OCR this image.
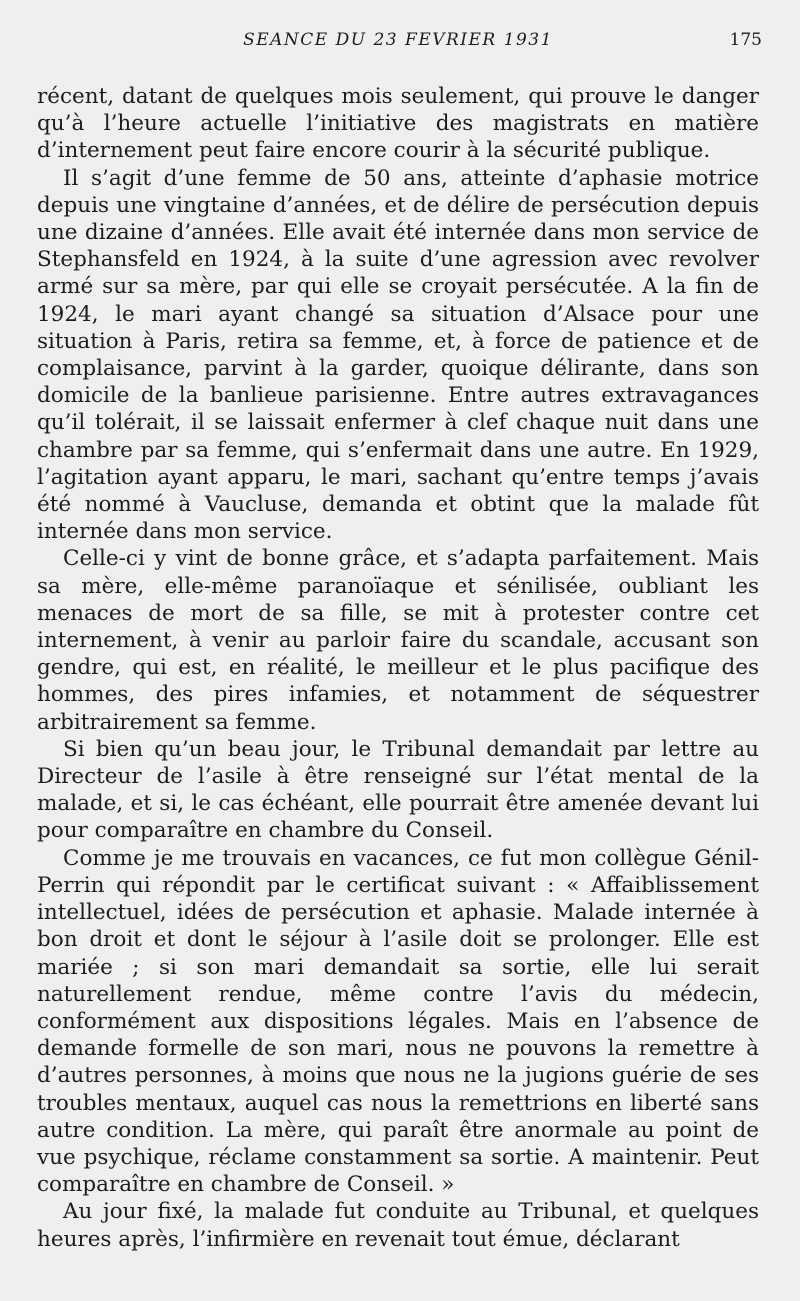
SEANCE DU 23 FEVRIER 1931	175

récent, datant de quelques mois seulement, qui prouve le danger qu’à l’heure actuelle l’initiative des magistrats en matière d’internement peut faire encore courir à la sécurité publique.

Il s’agit d’une femme de 50 ans, atteinte d’aphasie motrice depuis une vingtaine d’années, et de délire de persécution depuis une dizaine d’années. Elle avait été internée dans mon service de Stephansfeld en 1924, à la suite d’une agression avec revolver armé sur sa mère, par qui elle se croyait persécutée. A la fin de 1924, le mari ayant changé sa situation d’Alsace pour une situation à Paris, retira sa femme, et, à force de patience et de complaisance, parvint à la garder, quoique délirante, dans son domicile de la banlieue parisienne. Entre autres extravagances qu’il tolérait, il se laissait enfermer à clef chaque nuit dans une chambre par sa femme, qui s’enfermait dans une autre. En 1929, l’agitation ayant apparu, le mari, sachant qu’entre temps j’avais été nommé à Vaucluse, demanda et obtint que la malade fût internée dans mon service.

Celle-ci y vint de bonne grâce, et s’adapta parfaitement. Mais sa mère, elle-même paranoïaque et sénilisée, oubliant les menaces de mort de sa fille, se mit à protester contre cet internement, à venir au parloir faire du scandale, accusant son gendre, qui est, en réalité, le meilleur et le plus pacifique des hommes, des pires infamies, et notamment de séquestrer arbitrairement sa femme.

Si bien qu’un beau jour, le Tribunal demandait par lettre au Directeur de l’asile à être renseigné sur l’état mental de la malade, et si, le cas échéant, elle pourrait être amenée devant lui pour comparaître en chambre du Conseil.

Comme je me trouvais en vacances, ce fut mon collègue Génil-Perrin qui répondit par le certificat suivant : « Affaiblissement intellectuel, idées de persécution et aphasie. Malade internée à bon droit et dont le séjour à l’asile doit se prolonger. Elle est mariée ; si son mari demandait sa sortie, elle lui serait naturellement rendue, même contre l’avis du médecin, conformément aux dispositions légales. Mais en l’absence de demande formelle de son mari, nous ne pouvons la remettre à d’autres personnes, à moins que nous ne la jugions guérie de ses troubles mentaux, auquel cas nous la remettrions en liberté sans autre condition. La mère, qui paraît être anormale au point de vue psychique, réclame constamment sa sortie. A maintenir. Peut comparaître en chambre de Conseil. »

Au jour fixé, la malade fut conduite au Tribunal, et quelques heures après, l’infirmière en revenait tout émue, déclarant
